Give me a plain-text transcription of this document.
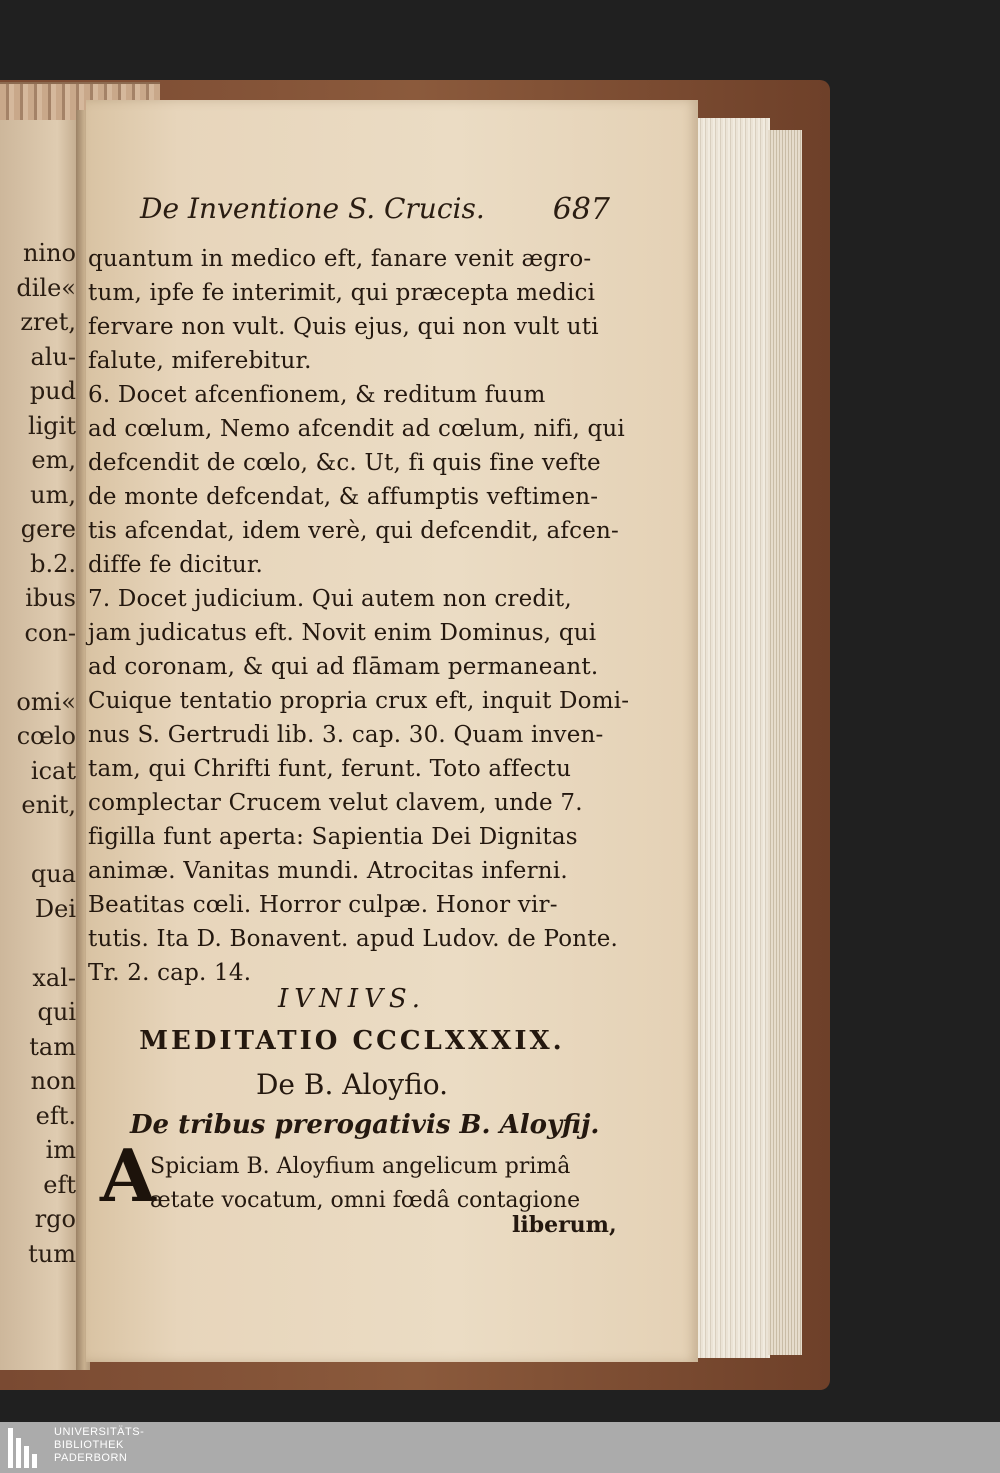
nino
dile«
zret,
alu-
pud
ligit
em,
um,
gere
b.2.
ibus
con-
omi«
cœlo
icat
enit,
qua
Dei
xal-
qui
tam
non
eft.
im
eft
rgo
tum
De Inventione S. Crucis. 687
quantum in medico eft, fanare venit ægro-
tum, ipfe fe interimit, qui præcepta medici
fervare non vult. Quis ejus, qui non vult uti
falute, miferebitur.
6. Docet afcenfionem, & reditum fuum
ad cœlum, Nemo afcendit ad cœlum, nifi, qui
defcendit de cœlo, &c. Ut, fi quis fine vefte
de monte defcendat, & affumptis veftimen-
tis afcendat, idem verè, qui defcendit, afcen-
diffe fe dicitur.
7. Docet judicium. Qui autem non credit,
jam judicatus eft. Novit enim Dominus, qui
ad coronam, & qui ad flāmam permaneant.
Cuique tentatio propria crux eft, inquit Domi-
nus S. Gertrudi lib. 3. cap. 30. Quam inven-
tam, qui Chrifti funt, ferunt. Toto affectu
complectar Crucem velut clavem, unde 7.
figilla funt aperta: Sapientia Dei Dignitas
animæ. Vanitas mundi. Atrocitas inferni.
Beatitas cœli. Horror culpæ. Honor vir-
tutis. Ita D. Bonavent. apud Ludov. de Ponte.
Tr. 2. cap. 14.
IVNIVS.
MEDITATIO CCCLXXXIX.
De B. Aloyfio.
De tribus prerogativis B. Aloyfij.
A
Spiciam B. Aloyfium angelicum primâ
ætate vocatum, omni fœdâ contagione
liberum,
UNIVERSITÄTS-
BIBLIOTHEK
PADERBORN
